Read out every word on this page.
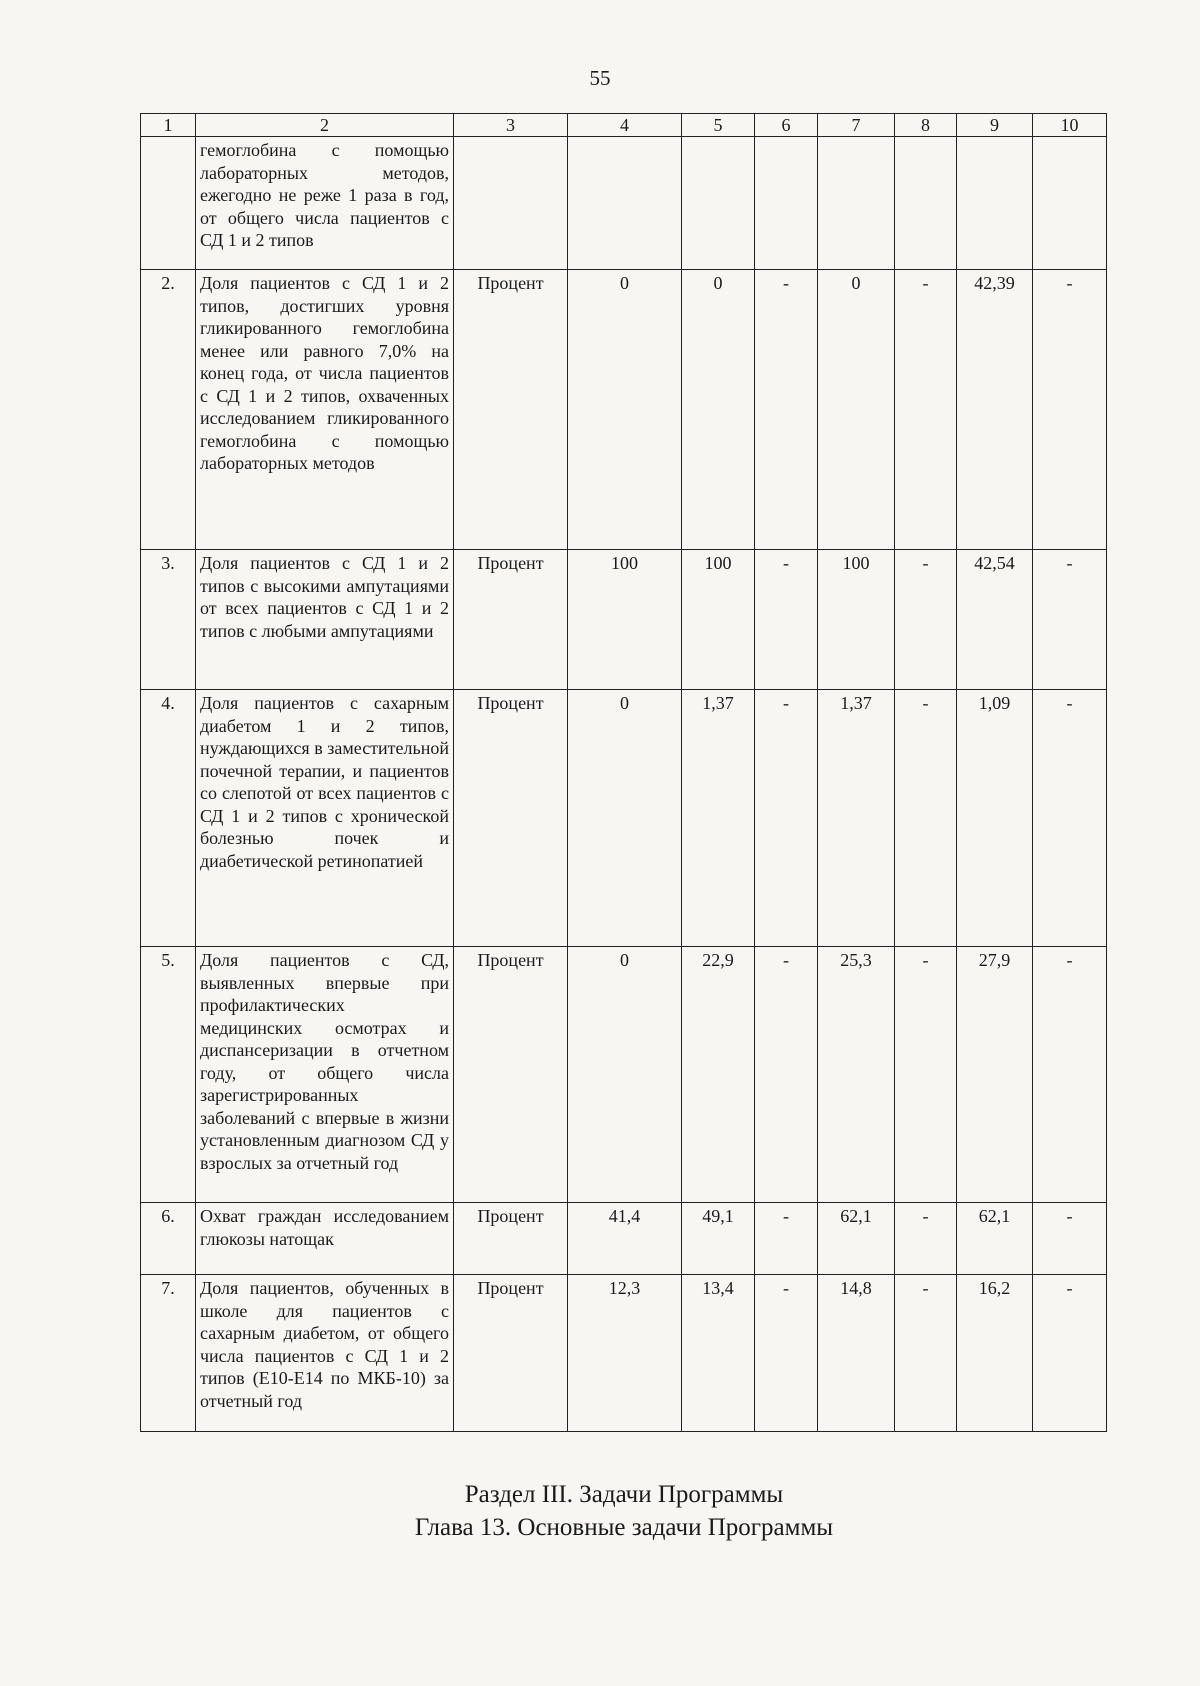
55
1	2	3	4	5	6	7	8	9	10
	гемоглобина с помощью лабораторных методов, ежегодно не реже 1 раза в год, от общего числа пациентов с СД 1 и 2 типов								
2.	Доля пациентов с СД 1 и 2 типов, достигших уровня гликированного гемоглобина менее или равного 7,0% на конец года, от числа пациентов с СД 1 и 2 типов, охваченных исследованием гликированного гемоглобина с помощью лабораторных методов	Процент	0	0	-	0	-	42,39	-
3.	Доля пациентов с СД 1 и 2 типов с высокими ампутациями от всех пациентов с СД 1 и 2 типов с любыми ампутациями	Процент	100	100	-	100	-	42,54	-
4.	Доля пациентов с сахарным диабетом 1 и 2 типов, нуждающихся в заместительной почечной терапии, и пациентов со слепотой от всех пациентов с СД 1 и 2 типов с хронической болезнью почек и диабетической ретинопатией	Процент	0	1,37	-	1,37	-	1,09	-
5.	Доля пациентов с СД, выявленных впервые при профилактических медицинских осмотрах и диспансеризации в отчетном году, от общего числа зарегистрированных заболеваний с впервые в жизни установленным диагнозом СД у взрослых за отчетный год	Процент	0	22,9	-	25,3	-	27,9	-
6.	Охват граждан исследованием глюкозы натощак	Процент	41,4	49,1	-	62,1	-	62,1	-
7.	Доля пациентов, обученных в школе для пациентов с сахарным диабетом, от общего числа пациентов с СД 1 и 2 типов (Е10-Е14 по МКБ-10) за отчетный год	Процент	12,3	13,4	-	14,8	-	16,2	-
Раздел III. Задачи Программы
Глава 13. Основные задачи Программы
